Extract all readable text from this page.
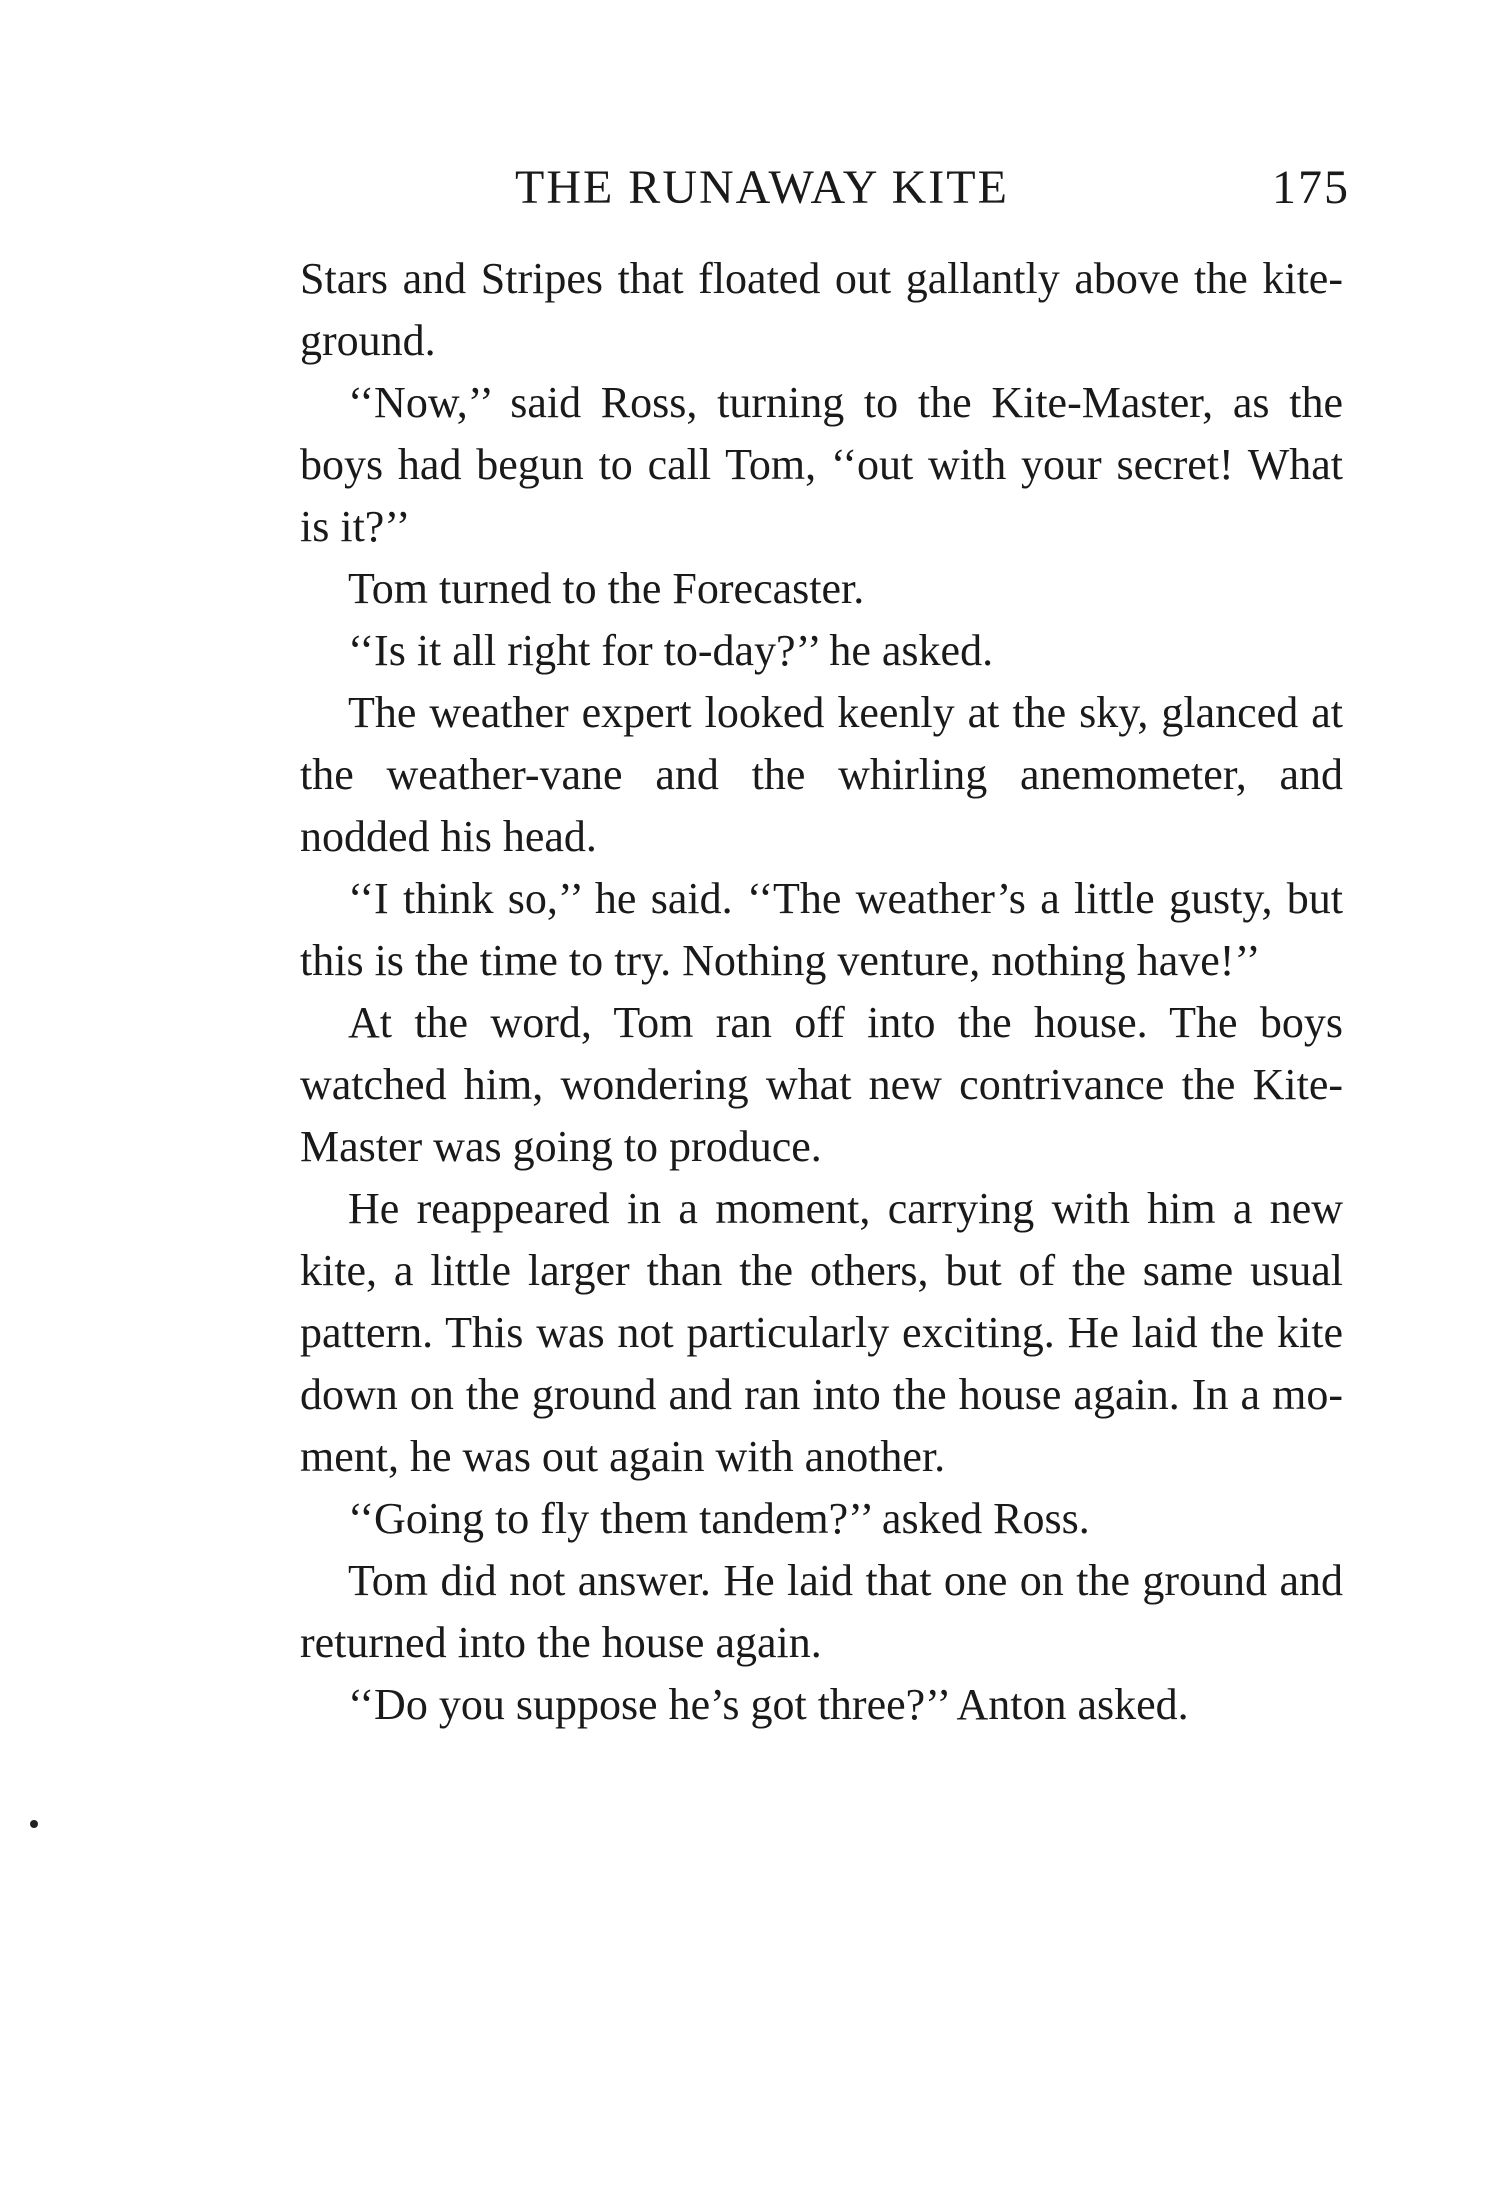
THE RUNAWAY KITE	175

Stars and Stripes that floated out gallantly above the kite-ground.

‘‘Now,’’ said Ross, turning to the Kite-Master, as the boys had begun to call Tom, ‘‘out with your secret! What is it?’’

Tom turned to the Forecaster.

‘‘Is it all right for to-day?’’ he asked.

The weather expert looked keenly at the sky, glanced at the weather-vane and the whirling anemometer, and nodded his head.

‘‘I think so,’’ he said. ‘‘The weather’s a little gusty, but this is the time to try. Nothing venture, nothing have!’’

At the word, Tom ran off into the house. The boys watched him, wondering what new contrivance the Kite-Master was going to produce.

He reappeared in a moment, carrying with him a new kite, a little larger than the others, but of the same usual pattern. This was not particularly exciting. He laid the kite down on the ground and ran into the house again. In a moment, he was out again with another.

‘‘Going to fly them tandem?’’ asked Ross.

Tom did not answer. He laid that one on the ground and returned into the house again.

‘‘Do you suppose he’s got three?’’ Anton asked.
